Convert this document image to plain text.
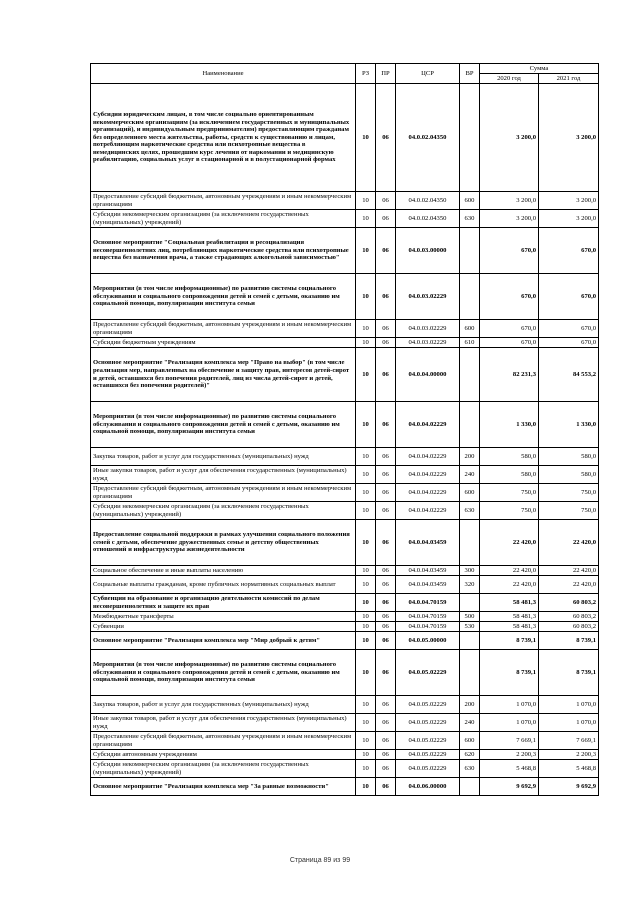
Наименование	РЗ	ПР	ЦСР	ВР	Сумма	
					2020 год	2021 год
Субсидии юридическим лицам, в том числе социально ориентированным некоммерческим организациям (за исключением государственных и муниципальных организаций), и индивидуальным предпринимателям) предоставляющим гражданам без определенного места жительства, работы, средств к существованию и лицам, потребляющим наркотические средства или психотропные вещества в немедицинских целях, прошедшим курс лечения от наркомании и медицинскую реабилитацию, социальных услуг в стационарной и в полустационарной формах	10	06	04.0.02.04350		3 200,0	3 200,0
Предоставление субсидий бюджетным, автономным учреждениям и иным некоммерческим организациям	10	06	04.0.02.04350	600	3 200,0	3 200,0
Субсидии некоммерческим организациям (за исключением государственных (муниципальных) учреждений)	10	06	04.0.02.04350	630	3 200,0	3 200,0
Основное мероприятие "Социальная реабилитация и ресоциализация несовершеннолетних лиц, потребляющих наркотические средства или психотропные вещества без назначения врача, а также страдающих алкогольной зависимостью"	10	06	04.0.03.00000		670,0	670,0
Мероприятия (в том числе информационные) по развитию системы социального обслуживания и социального сопровождения детей и семей с детьми, оказанию им социальной помощи, популяризации института семьи	10	06	04.0.03.02229		670,0	670,0
Предоставление субсидий бюджетным, автономным учреждениям и иным некоммерческим организациям	10	06	04.0.03.02229	600	670,0	670,0
Субсидии бюджетным учреждениям	10	06	04.0.03.02229	610	670,0	670,0
Основное мероприятие "Реализация комплекса мер "Право на выбор" (в том числе реализация мер, направленных на обеспечение и защиту прав, интересов детей-сирот и детей, оставшихся без попечения родителей, лиц из числа детей-сирот и детей, оставшихся без попечения родителей)"	10	06	04.0.04.00000		82 231,3	84 553,2
Мероприятия (в том числе информационные) по развитию системы социального обслуживания и социального сопровождения детей и семей с детьми, оказанию им социальной помощи, популяризации института семьи	10	06	04.0.04.02229		1 330,0	1 330,0
Закупка товаров, работ и услуг для государственных (муниципальных) нужд	10	06	04.0.04.02229	200	580,0	580,0
Иные закупки товаров, работ и услуг для обеспечения государственных (муниципальных) нужд	10	06	04.0.04.02229	240	580,0	580,0
Предоставление субсидий бюджетным, автономным учреждениям и иным некоммерческим организациям	10	06	04.0.04.02229	600	750,0	750,0
Субсидии некоммерческим организациям (за исключением государственных (муниципальных) учреждений)	10	06	04.0.04.02229	630	750,0	750,0
Предоставление социальной поддержки в рамках улучшения социального положения семей с детьми, обеспечение дружественных семье и детству общественных отношений и инфраструктуры жизнедеятельности	10	06	04.0.04.03459		22 420,0	22 420,0
Социальное обеспечение и иные выплаты населению	10	06	04.0.04.03459	300	22 420,0	22 420,0
Социальные выплаты гражданам, кроме публичных нормативных социальных выплат	10	06	04.0.04.03459	320	22 420,0	22 420,0
Субвенции на образование и организацию деятельности комиссий по делам несовершеннолетних и защите их прав	10	06	04.0.04.70159		58 481,3	60 803,2
Межбюджетные трансферты	10	06	04.0.04.70159	500	58 481,3	60 803,2
Субвенции	10	06	04.0.04.70159	530	58 481,3	60 803,2
Основное мероприятие "Реализация комплекса мер "Мир добрый к детям"	10	06	04.0.05.00000		8 739,1	8 739,1
Мероприятия (в том числе информационные) по развитию системы социального обслуживания и социального сопровождения детей и семей с детьми, оказанию им социальной помощи, популяризации института семьи	10	06	04.0.05.02229		8 739,1	8 739,1
Закупка товаров, работ и услуг для государственных (муниципальных) нужд	10	06	04.0.05.02229	200	1 070,0	1 070,0
Иные закупки товаров, работ и услуг для обеспечения государственных (муниципальных) нужд	10	06	04.0.05.02229	240	1 070,0	1 070,0
Предоставление субсидий бюджетным, автономным учреждениям и иным некоммерческим организациям	10	06	04.0.05.02229	600	7 669,1	7 669,1
Субсидии автономным учреждениям	10	06	04.0.05.02229	620	2 200,3	2 200,3
Субсидии некоммерческим организациям (за исключением государственных (муниципальных) учреждений)	10	06	04.0.05.02229	630	5 468,8	5 468,8
Основное мероприятие "Реализация комплекса мер "За равные возможности"	10	06	04.0.06.00000		9 692,9	9 692,9
Страница 89 из 99
